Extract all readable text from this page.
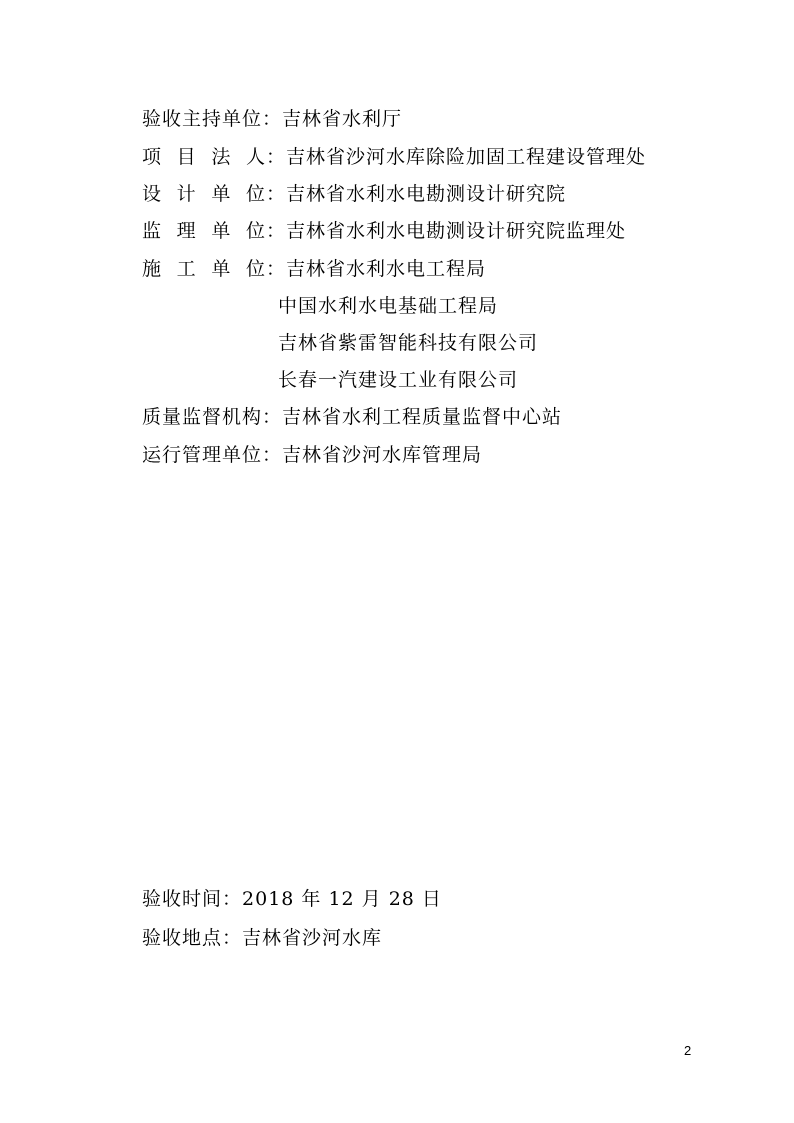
验收主持单位：吉林省水利厅
项 目 法 人 ：吉林省沙河水库除险加固工程建设管理处
设 计 单 位 ：吉林省水利水电勘测设计研究院
监 理 单 位 ：吉林省水利水电勘测设计研究院监理处
施 工 单 位 ：吉林省水利水电工程局
中国水利水电基础工程局
吉林省紫雷智能科技有限公司
长春一汽建设工业有限公司
质量监督机构：吉林省水利工程质量监督中心站
运行管理单位：吉林省沙河水库管理局
验收时间：2018 年 12 月 28 日
验收地点：吉林省沙河水库
2
